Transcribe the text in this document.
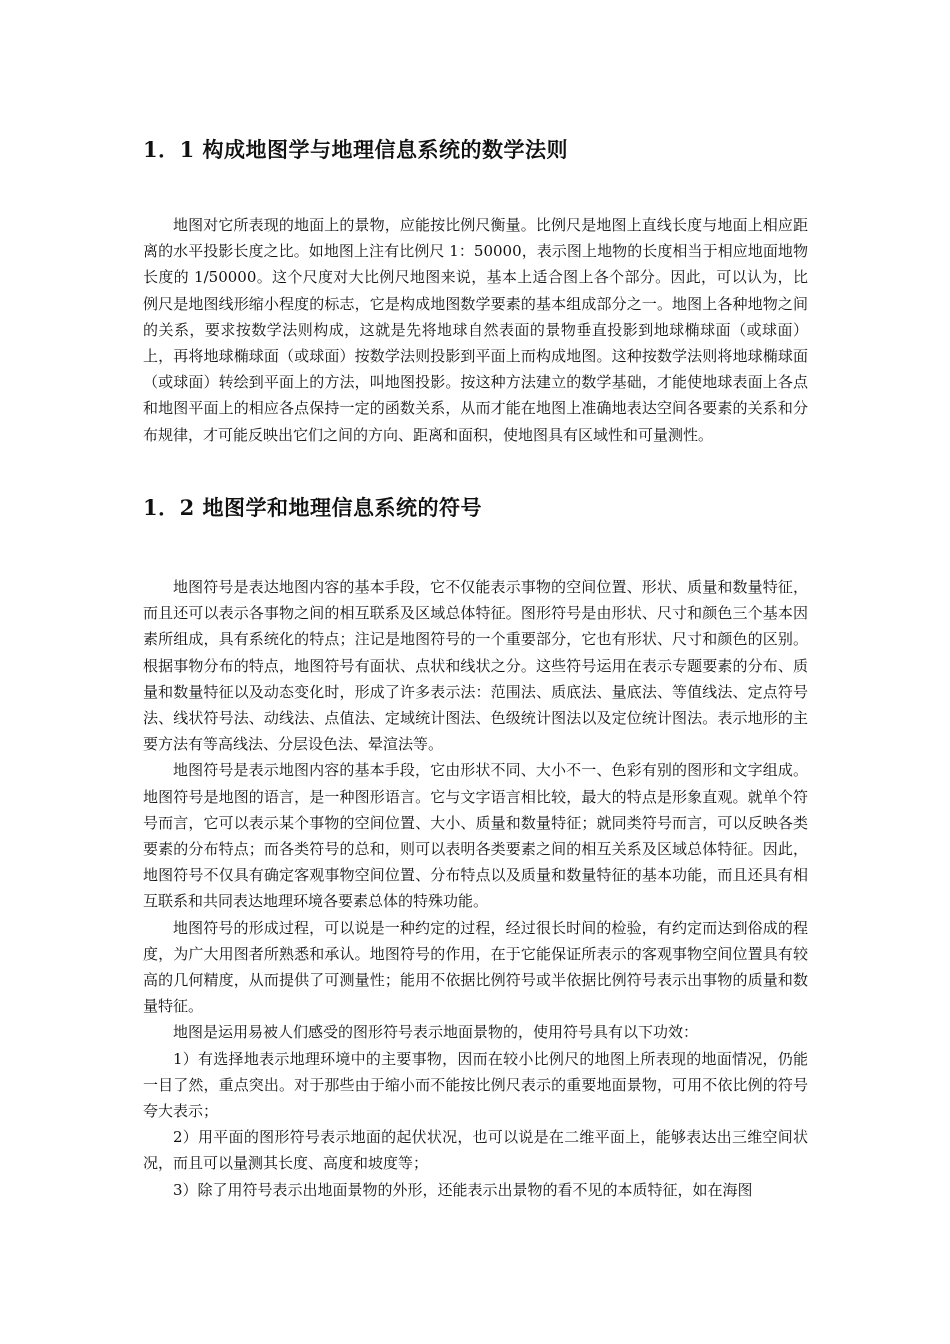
1．1 构成地图学与地理信息系统的数学法则

地图对它所表现的地面上的景物，应能按比例尺衡量。比例尺是地图上直线长度与地面上相应距离的水平投影长度之比。如地图上注有比例尺 1：50000，表示图上地物的长度相当于相应地面地物长度的 1/50000。这个尺度对大比例尺地图来说，基本上适合图上各个部分。因此，可以认为，比例尺是地图线形缩小程度的标志，它是构成地图数学要素的基本组成部分之一。地图上各种地物之间的关系，要求按数学法则构成，这就是先将地球自然表面的景物垂直投影到地球椭球面（或球面）上，再将地球椭球面（或球面）按数学法则投影到平面上而构成地图。这种按数学法则将地球椭球面（或球面）转绘到平面上的方法，叫地图投影。按这种方法建立的数学基础，才能使地球表面上各点和地图平面上的相应各点保持一定的函数关系，从而才能在地图上准确地表达空间各要素的关系和分布规律，才可能反映出它们之间的方向、距离和面积，使地图具有区域性和可量测性。

1．2 地图学和地理信息系统的符号

地图符号是表达地图内容的基本手段，它不仅能表示事物的空间位置、形状、质量和数量特征，而且还可以表示各事物之间的相互联系及区域总体特征。图形符号是由形状、尺寸和颜色三个基本因素所组成，具有系统化的特点；注记是地图符号的一个重要部分，它也有形状、尺寸和颜色的区别。根据事物分布的特点，地图符号有面状、点状和线状之分。这些符号运用在表示专题要素的分布、质量和数量特征以及动态变化时，形成了许多表示法：范围法、质底法、量底法、等值线法、定点符号法、线状符号法、动线法、点值法、定域统计图法、色级统计图法以及定位统计图法。表示地形的主要方法有等高线法、分层设色法、晕渲法等。

地图符号是表示地图内容的基本手段，它由形状不同、大小不一、色彩有别的图形和文字组成。地图符号是地图的语言，是一种图形语言。它与文字语言相比较，最大的特点是形象直观。就单个符号而言，它可以表示某个事物的空间位置、大小、质量和数量特征；就同类符号而言，可以反映各类要素的分布特点；而各类符号的总和，则可以表明各类要素之间的相互关系及区域总体特征。因此，地图符号不仅具有确定客观事物空间位置、分布特点以及质量和数量特征的基本功能，而且还具有相互联系和共同表达地理环境各要素总体的特殊功能。

地图符号的形成过程，可以说是一种约定的过程，经过很长时间的检验，有约定而达到俗成的程度，为广大用图者所熟悉和承认。地图符号的作用，在于它能保证所表示的客观事物空间位置具有较高的几何精度，从而提供了可测量性；能用不依据比例符号或半依据比例符号表示出事物的质量和数量特征。

地图是运用易被人们感受的图形符号表示地面景物的，使用符号具有以下功效：

1）有选择地表示地理环境中的主要事物，因而在较小比例尺的地图上所表现的地面情况，仍能一目了然，重点突出。对于那些由于缩小而不能按比例尺表示的重要地面景物，可用不依比例的符号夸大表示；

2）用平面的图形符号表示地面的起伏状况，也可以说是在二维平面上，能够表达出三维空间状况，而且可以量测其长度、高度和坡度等；

3）除了用符号表示出地面景物的外形，还能表示出景物的看不见的本质特征，如在海图
